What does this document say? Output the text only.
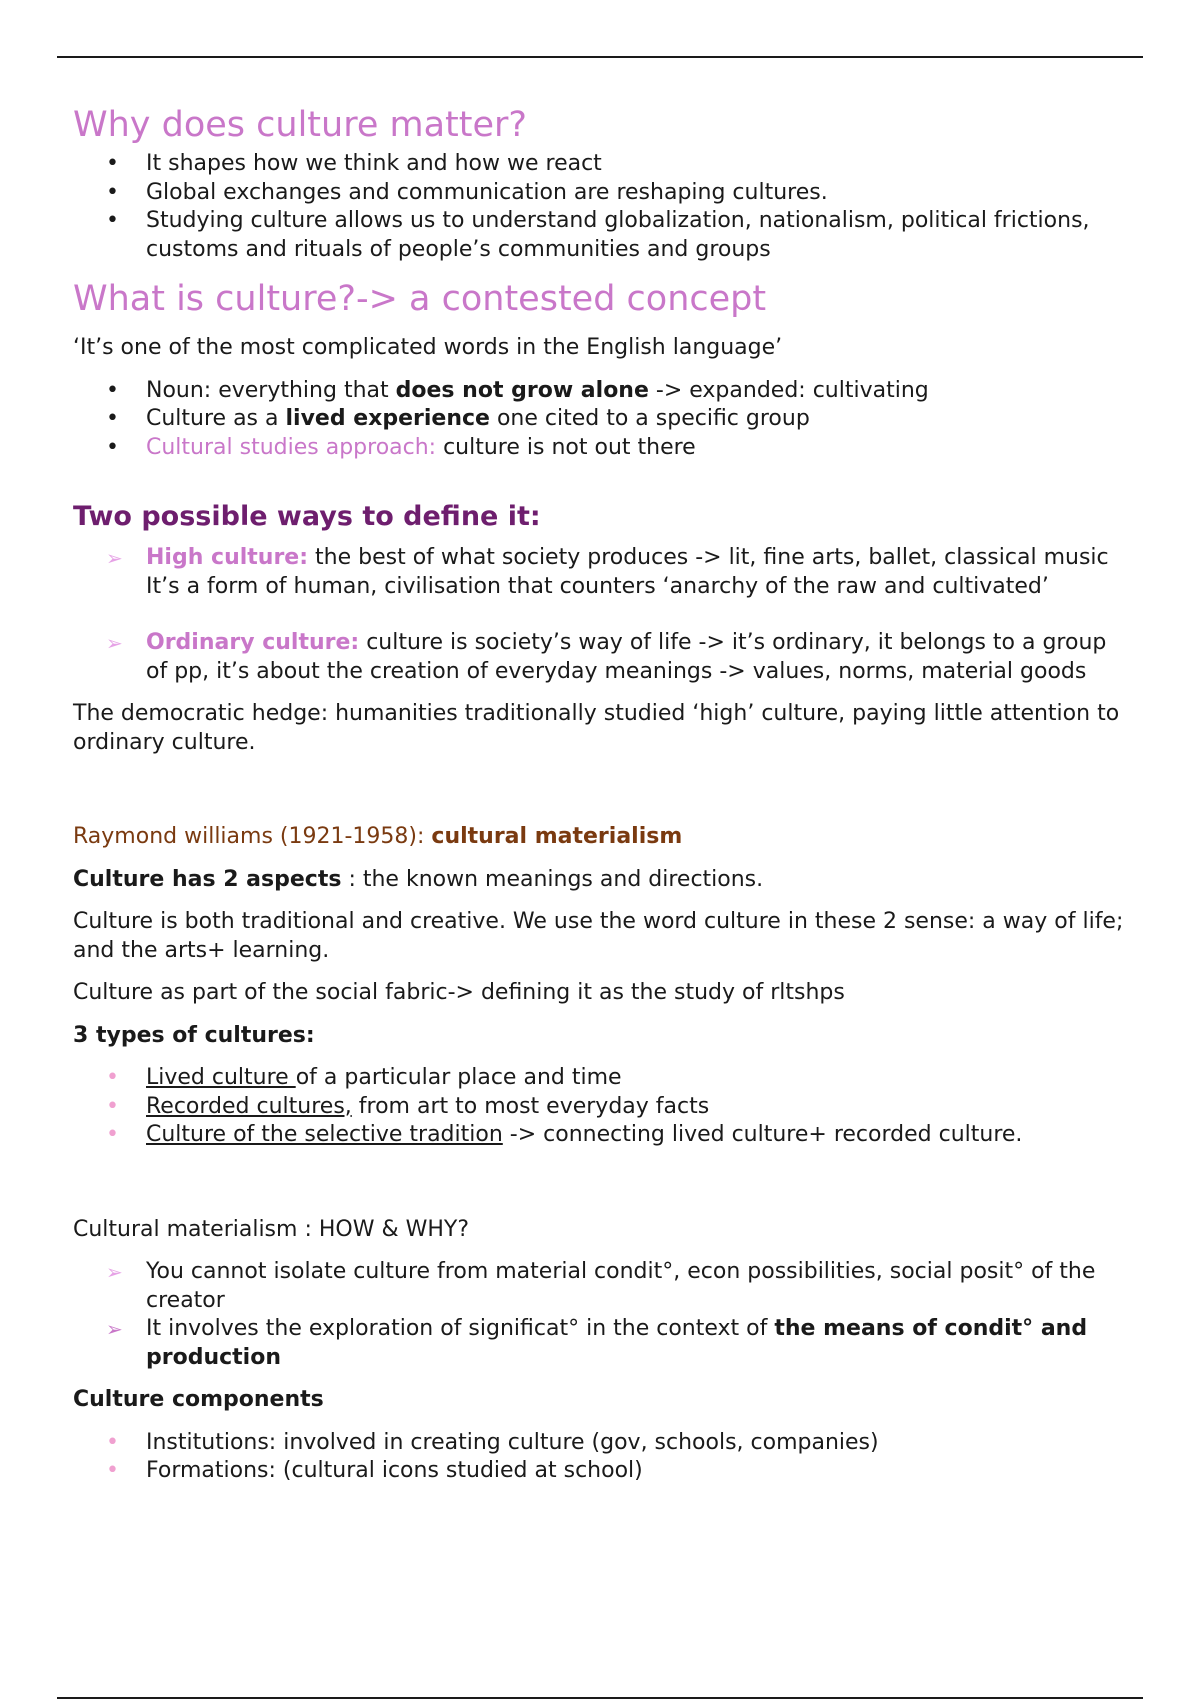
Why does culture matter?
•	It shapes how we think and how we react
•	Global exchanges and communication are reshaping cultures.
•	Studying culture allows us to understand globalization, nationalism, political frictions, customs and rituals of people’s communities and groups
What is culture?-> a contested concept

‘It’s one of the most complicated words in the English language’

•	Noun: everything that does not grow alone -> expanded: cultivating
•	Culture as a lived experience one cited to a specific group
•	Cultural studies approach: culture is not out there
Two possible ways to define it:
➢	High culture: the best of what society produces -> lit, fine arts, ballet, classical music
It’s a form of human, civilisation that counters ‘anarchy of the raw and cultivated’
➢	Ordinary culture: culture is society’s way of life -> it’s ordinary, it belongs to a group of pp, it’s about the creation of everyday meanings -> values, norms, material goods

The democratic hedge: humanities traditionally studied ‘high’ culture, paying little attention to ordinary culture.

Raymond williams (1921-1958): cultural materialism

Culture has 2 aspects : the known meanings and directions.

Culture is both traditional and creative. We use the word culture in these 2 sense: a way of life; and the arts+ learning.

Culture as part of the social fabric-> defining it as the study of rltshps

3 types of cultures:

•	Lived culture of a particular place and time
•	Recorded cultures, from art to most everyday facts
•	Culture of the selective tradition -> connecting lived culture+ recorded culture.

Cultural materialism : HOW & WHY?

➢	You cannot isolate culture from material condit°, econ possibilities, social posit° of the creator
➢	It involves the exploration of significat° in the context of the means of condit° and production

Culture components

•	Institutions: involved in creating culture (gov, schools, companies)
•	Formations: (cultural icons studied at school)
